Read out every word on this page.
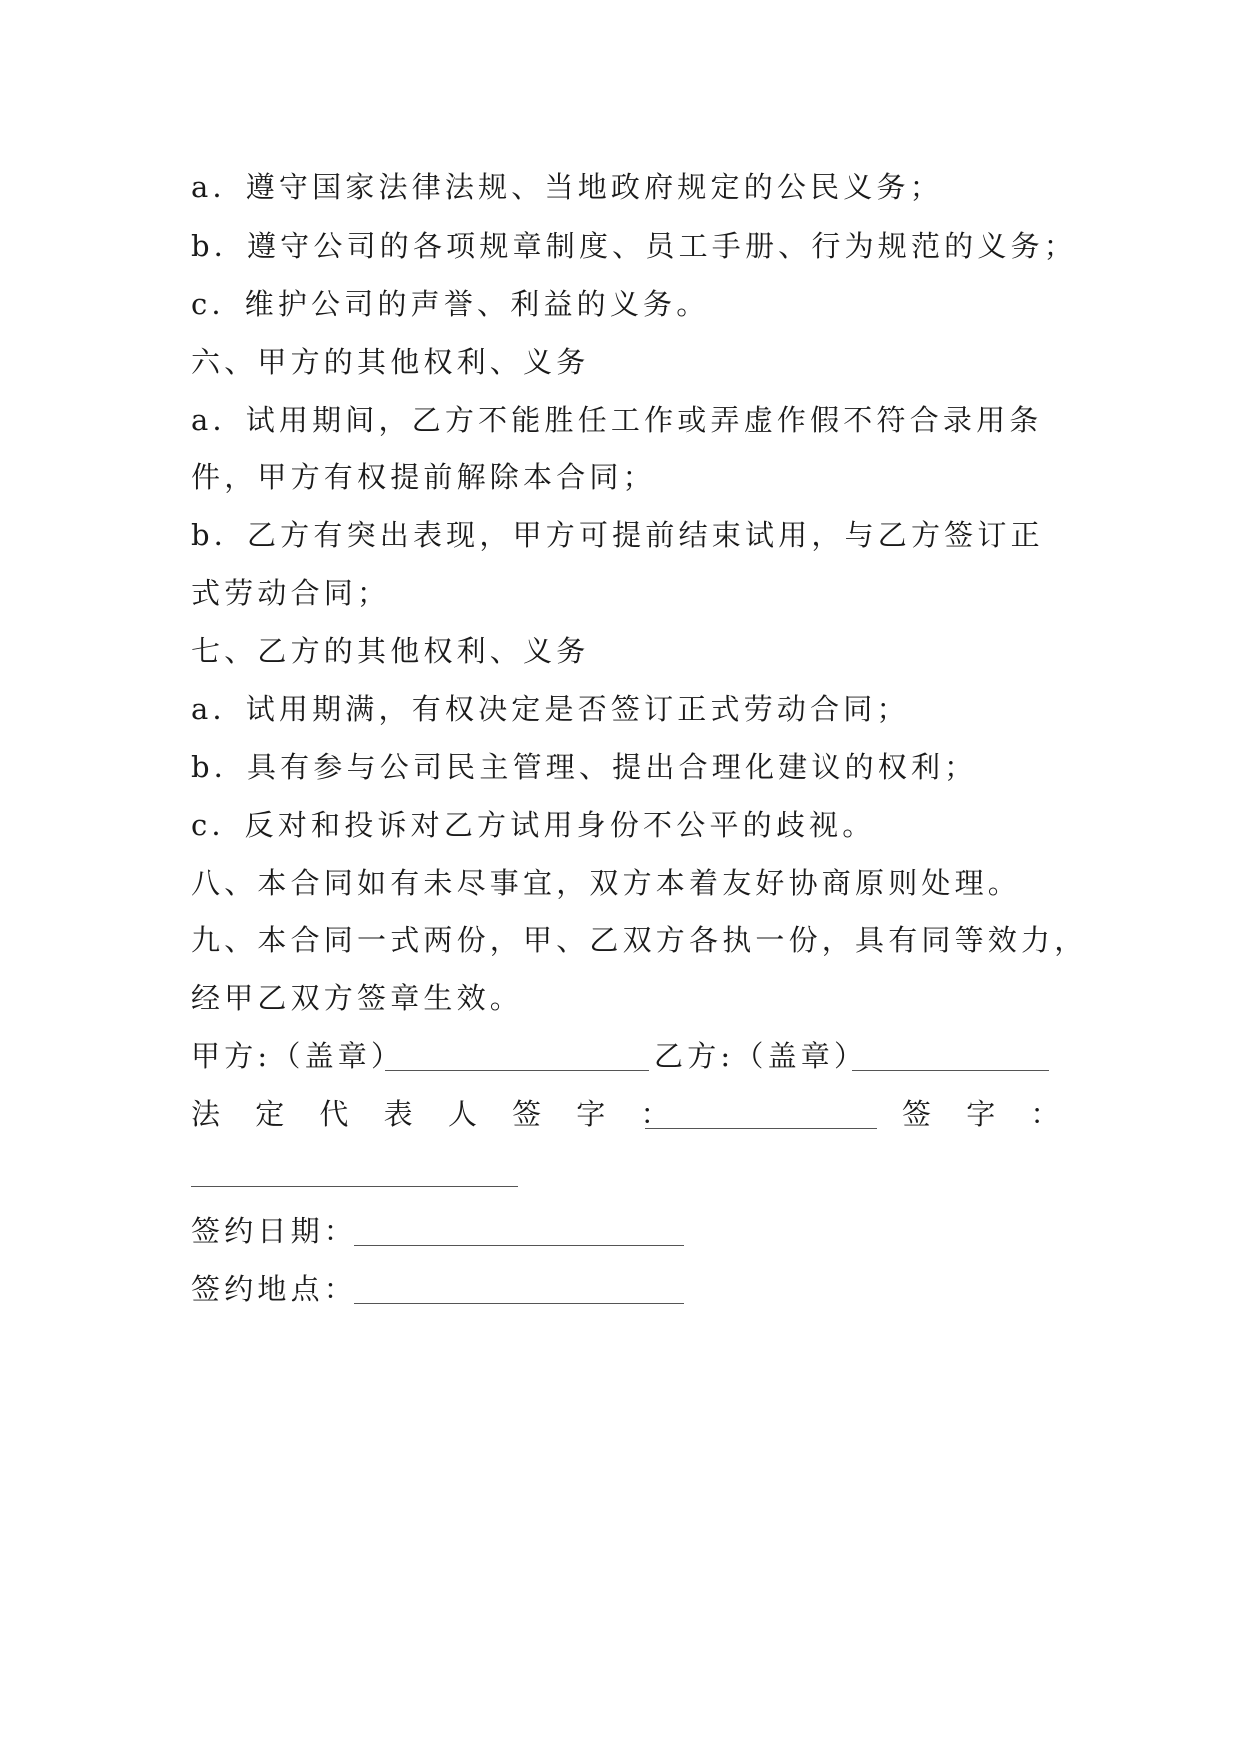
a．遵守国家法律法规、当地政府规定的公民义务；
b．遵守公司的各项规章制度、员工手册、行为规范的义务；
c．维护公司的声誉、利益的义务。
六、甲方的其他权利、义务
a．试用期间，乙方不能胜任工作或弄虚作假不符合录用条
件，甲方有权提前解除本合同；
b．乙方有突出表现，甲方可提前结束试用，与乙方签订正
式劳动合同；
七、乙方的其他权利、义务
a．试用期满，有权决定是否签订正式劳动合同；
b．具有参与公司民主管理、提出合理化建议的权利；
c．反对和投诉对乙方试用身份不公平的歧视。
八、本合同如有未尽事宜，双方本着友好协商原则处理。
九、本合同一式两份，甲、乙双方各执一份，具有同等效力，
经甲乙双方签章生效。
甲方:（盖章）	乙方:（盖章）
法 定 代 表 人 签 字 ：	签 字 ：
签约日期：
签约地点：
